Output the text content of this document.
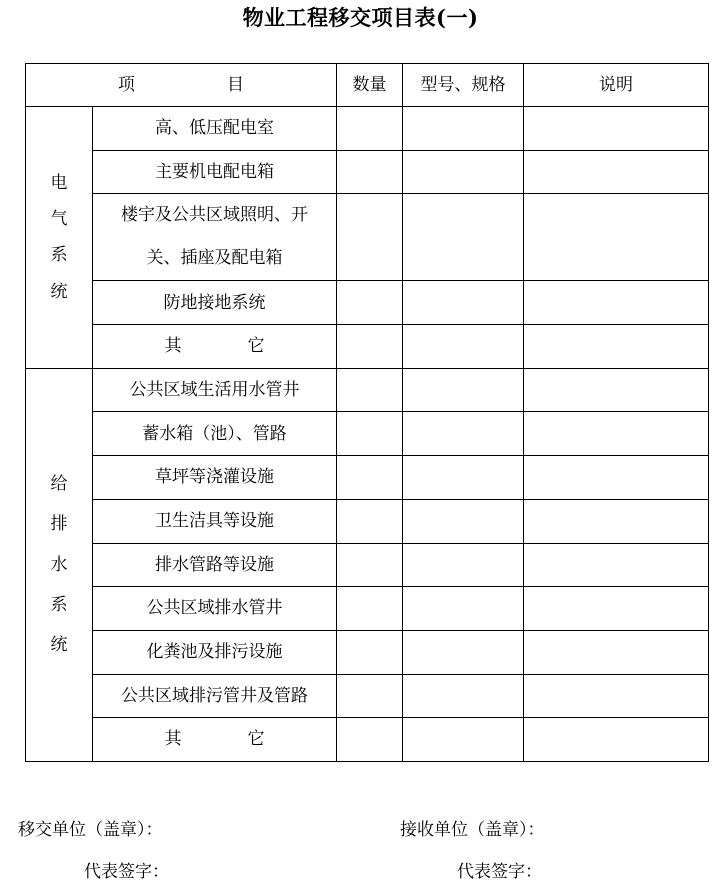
物业工程移交项目表(一)
项 目		数量	型号、规格	说明

电
气
系
统	高、低压配电室			
	主要机电配电箱			

	楼宇及公共区域照明、开
关、插座及配电箱			

	防地接地系统			

	其 它			

给
排
水
系
统	公共区域生活用水管井			
	蓄水箱（池）、管路			
	草坪等浇灌设施			
	卫生洁具等设施			
	排水管路等设施			
	公共区域排水管井			
	化粪池及排污设施			
	公共区域排污管井及管路			

	其 它			

移交单位（盖章）：	接收单位（盖章）：
代表签字：	代表签字：
